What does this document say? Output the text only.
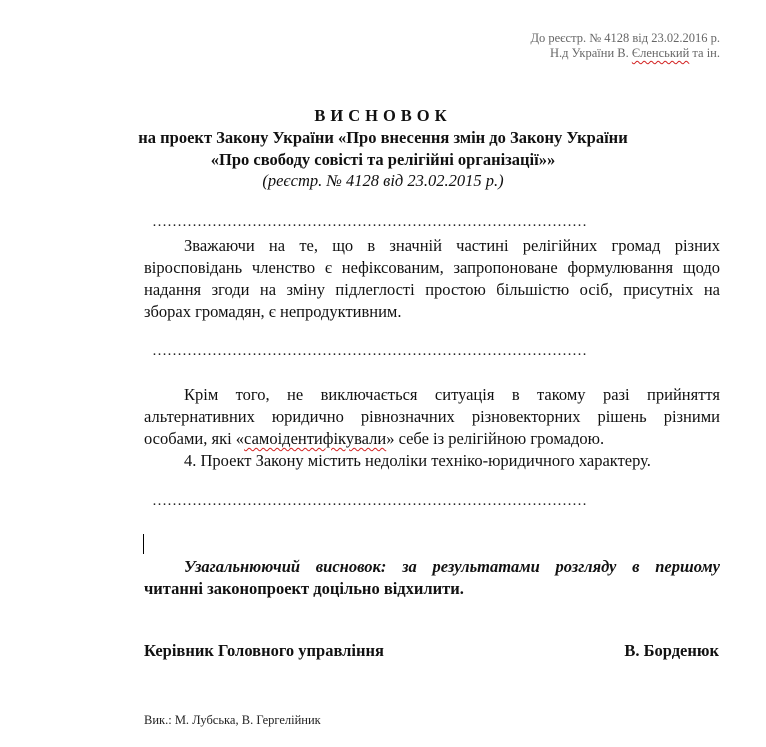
До реєстр. № 4128 від 23.02.2016 р.
Н.д України В. Єленський та ін.
ВИСНОВОК
на проект Закону України «Про внесення змін до Закону України
«Про свободу совісті та релігійні організації»»
(реєстр. № 4128 від 23.02.2015 р.)
……………………………………………………………………………
Зважаючи на те, що в значній частині релігійних громад різних
віросповідань членство є нефіксованим, запропоноване формулювання щодо
надання згоди на зміну підлеглості простою більшістю осіб, присутніх на
зборах громадян, є непродуктивним.
……………………………………………………………………………
Крім того, не виключається ситуація в такому разі прийняття
альтернативних юридично рівнозначних різновекторних рішень різними
особами, які «самоідентифікували» себе із релігійною громадою.
4. Проект Закону містить недоліки техніко-юридичного характеру.
……………………………………………………………………………
Узагальнюючий висновок: за результатами розгляду в першому
читанні законопроект доцільно відхилити.
Керівник Головного управління	В. Борденюк
Вик.: М. Лубська, В. Гергелійник
